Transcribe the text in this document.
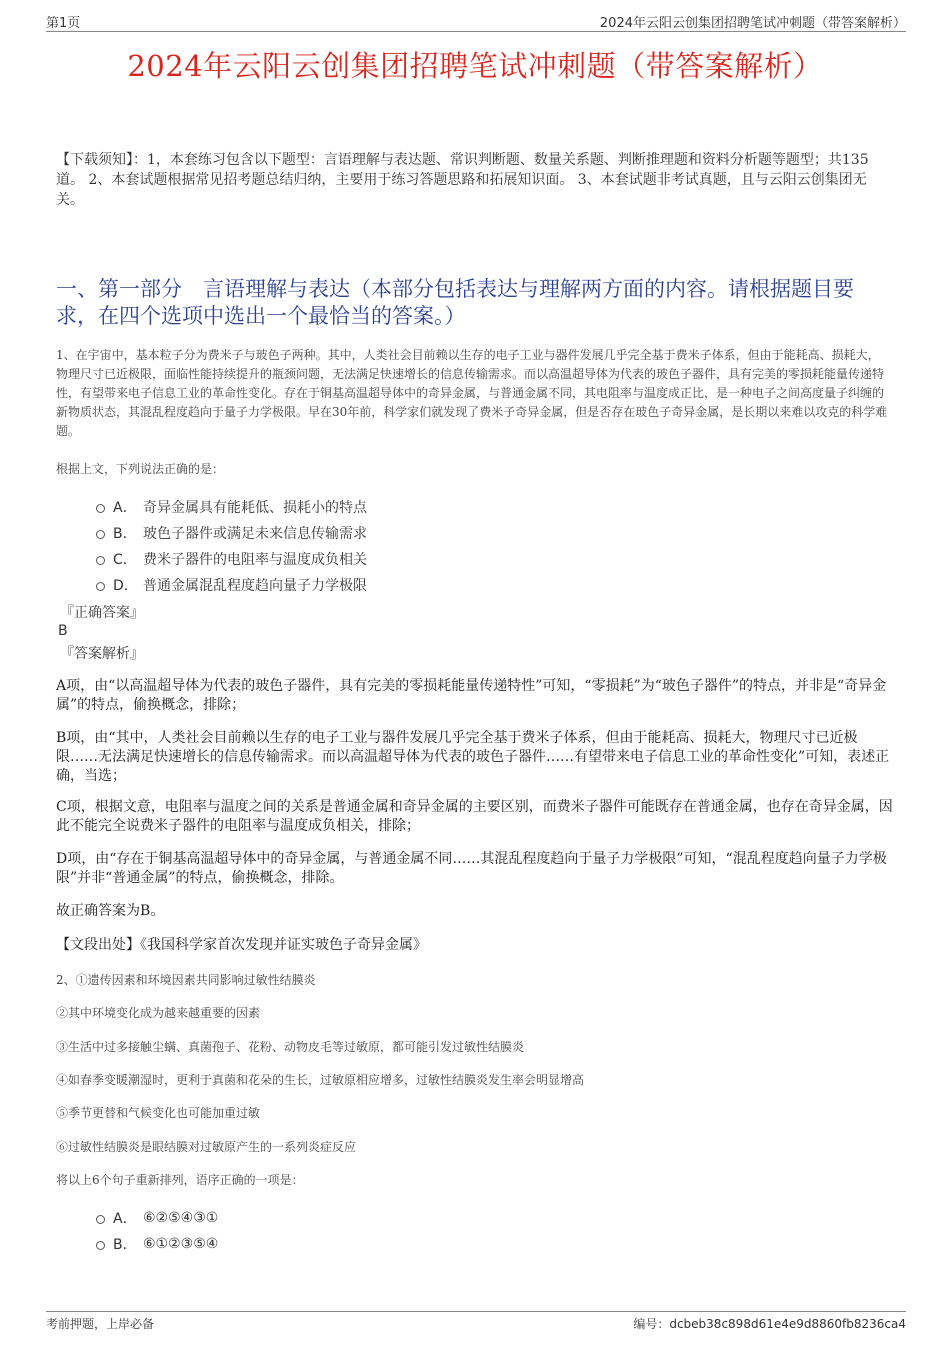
第1页	2024年云阳云创集团招聘笔试冲刺题（带答案解析）
2024年云阳云创集团招聘笔试冲刺题（带答案解析）
【下载须知】：1，本套练习包含以下题型：言语理解与表达题、常识判断题、数量关系题、判断推理题和资料分析题等题型；共135道。 2、本套试题根据常见招考题总结归纳，主要用于练习答题思路和拓展知识面。 3、本套试题非考试真题，且与云阳云创集团无关。
一、第一部分　言语理解与表达（本部分包括表达与理解两方面的内容。请根据题目要求，在四个选项中选出一个最恰当的答案。）
1、在宇宙中，基本粒子分为费米子与玻色子两种。其中，人类社会目前赖以生存的电子工业与器件发展几乎完全基于费米子体系，但由于能耗高、损耗大，物理尺寸已近极限，面临性能持续提升的瓶颈问题，无法满足快速增长的信息传输需求。而以高温超导体为代表的玻色子器件，具有完美的零损耗能量传递特性，有望带来电子信息工业的革命性变化。存在于铜基高温超导体中的奇异金属，与普通金属不同，其电阻率与温度成正比，是一种电子之间高度量子纠缠的新物质状态，其混乱程度趋向于量子力学极限。早在30年前，科学家们就发现了费米子奇异金属，但是否存在玻色子奇异金属，是长期以来难以攻克的科学难题。
根据上文，下列说法正确的是：
A． 奇异金属具有能耗低、损耗小的特点
B． 玻色子器件或满足未来信息传输需求
C． 费米子器件的电阻率与温度成负相关
D． 普通金属混乱程度趋向量子力学极限
『正确答案』
B
『答案解析』
A项，由“以高温超导体为代表的玻色子器件，具有完美的零损耗能量传递特性”可知，“零损耗”为“玻色子器件”的特点，并非是“奇异金属”的特点，偷换概念，排除；
B项，由“其中，人类社会目前赖以生存的电子工业与器件发展几乎完全基于费米子体系，但由于能耗高、损耗大，物理尺寸已近极限……无法满足快速增长的信息传输需求。而以高温超导体为代表的玻色子器件……有望带来电子信息工业的革命性变化”可知，表述正确，当选；
C项，根据文意，电阻率与温度之间的关系是普通金属和奇异金属的主要区别，而费米子器件可能既存在普通金属，也存在奇异金属，因此不能完全说费米子器件的电阻率与温度成负相关，排除；
D项，由“存在于铜基高温超导体中的奇异金属，与普通金属不同……其混乱程度趋向于量子力学极限”可知，“混乱程度趋向量子力学极限”并非“普通金属”的特点，偷换概念，排除。
故正确答案为B。
【文段出处】《我国科学家首次发现并证实玻色子奇异金属》
2、①遗传因素和环境因素共同影响过敏性结膜炎
②其中环境变化成为越来越重要的因素
③生活中过多接触尘螨、真菌孢子、花粉、动物皮毛等过敏原，都可能引发过敏性结膜炎
④如春季变暖潮湿时，更利于真菌和花朵的生长，过敏原相应增多，过敏性结膜炎发生率会明显增高
⑤季节更替和气候变化也可能加重过敏
⑥过敏性结膜炎是眼结膜对过敏原产生的一系列炎症反应
将以上6个句子重新排列，语序正确的一项是：
A． ⑥②⑤④③①
B． ⑥①②③⑤④
考前押题，上岸必备	编号：dcbeb38c898d61e4e9d8860fb8236ca4
